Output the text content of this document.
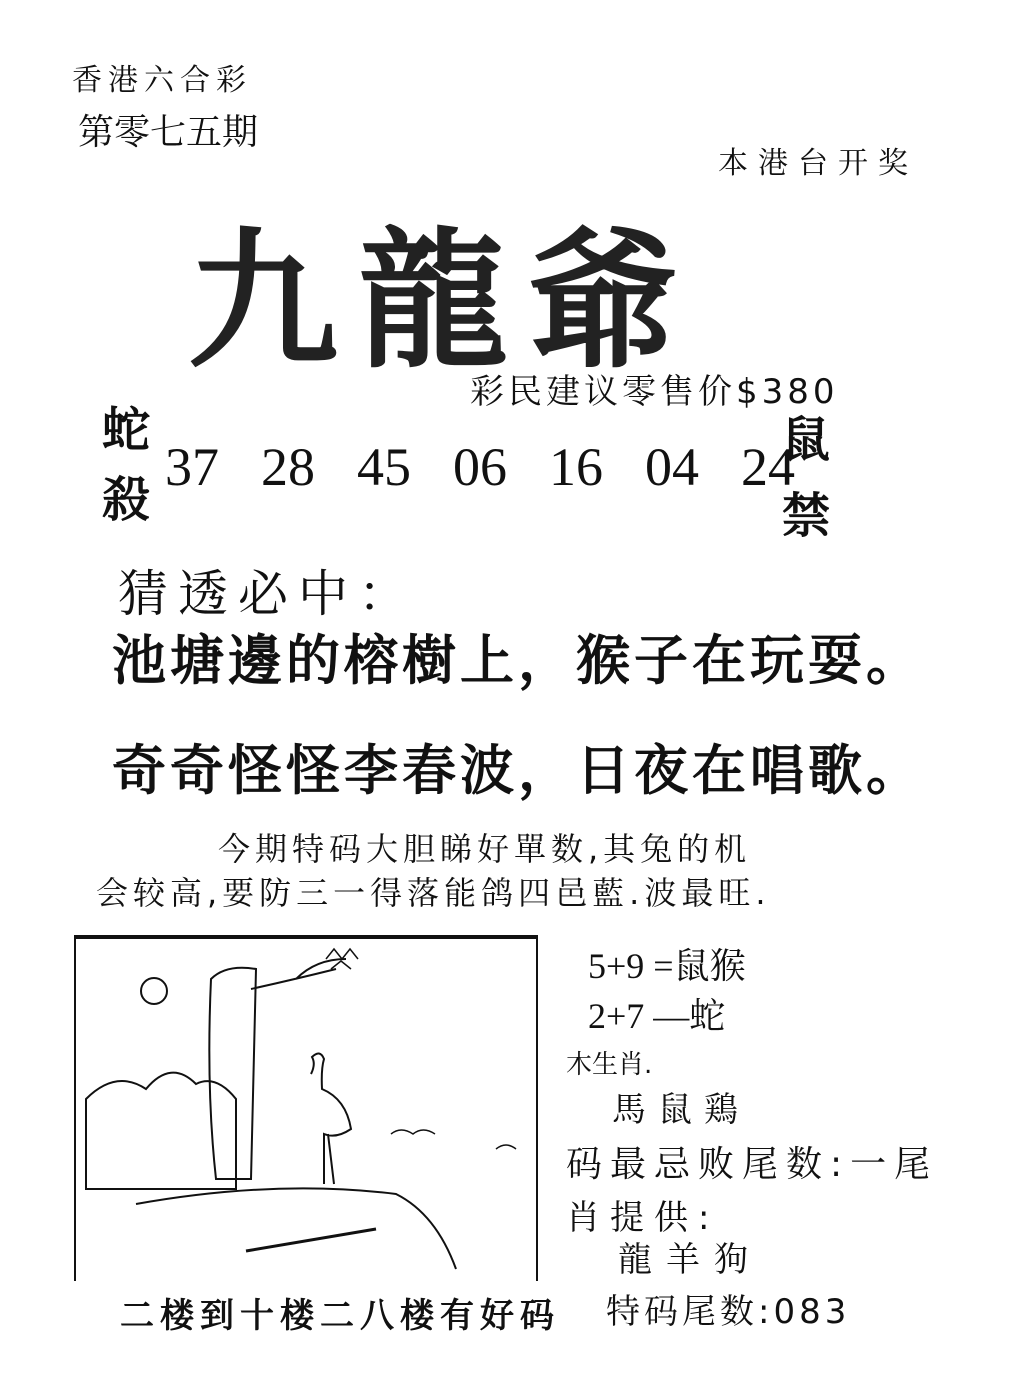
香港六合彩
第零七五期
本港台开奖
九龍爺
彩民建议零售价$380
蛇
殺
37 28 45 06 16 04 24
鼠
禁
猜透必中：
池塘邊的榕樹上，猴子在玩耍。
奇奇怪怪李春波，日夜在唱歌。
今期特码大胆睇好單数,其兔的机
会较高,要防三一得落能鸽四邑藍.波最旺.
二楼到十楼二八楼有好码
5+9 =鼠猴
2+7 —蛇
木生肖.
馬鼠鶏
码最忌败尾数:一尾
肖提供:
龍羊狗
特码尾数:083
